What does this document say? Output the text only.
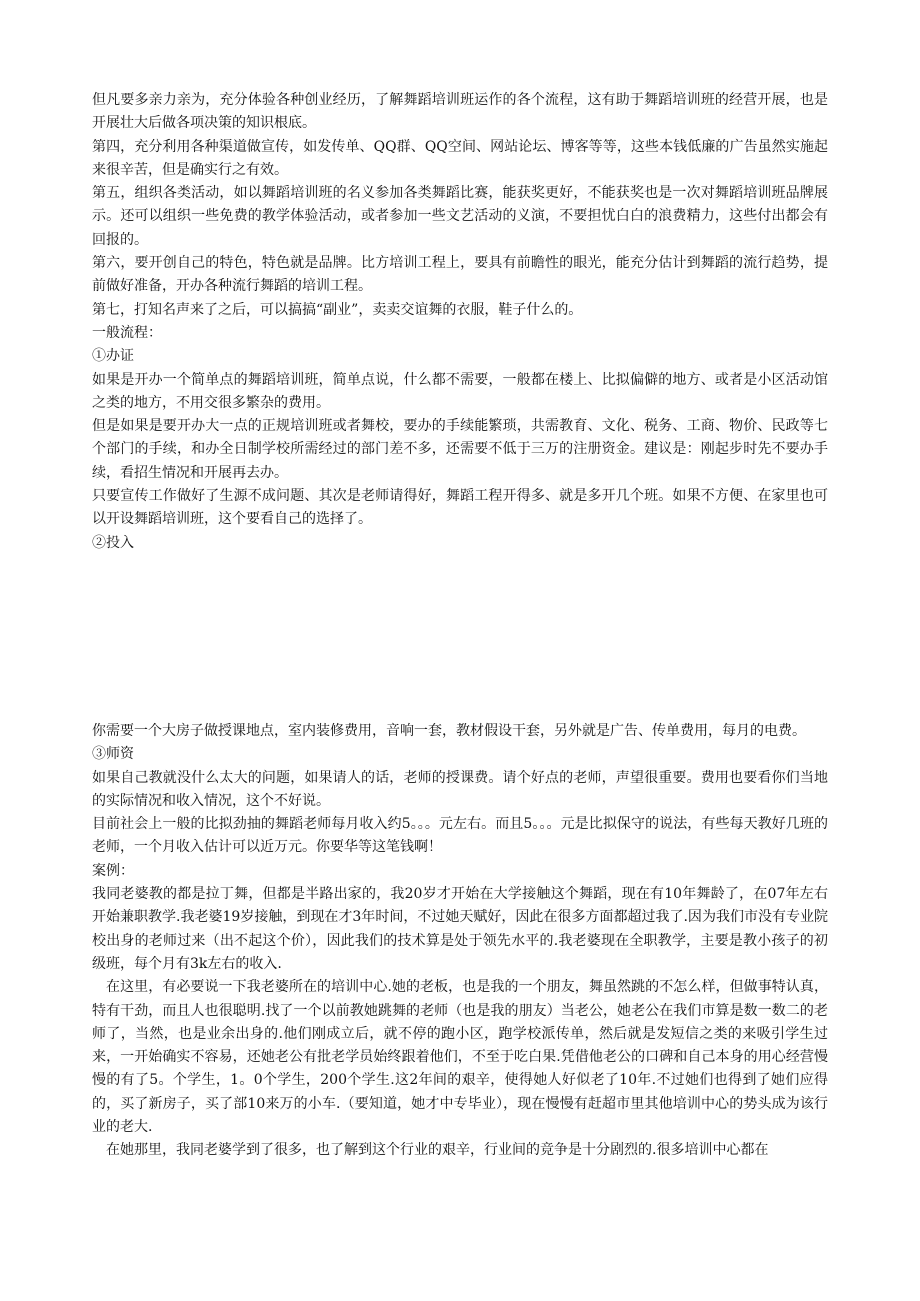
但凡要多亲力亲为，充分体验各种创业经历，了解舞蹈培训班运作的各个流程，这有助于舞蹈培训班的经营开展，也是开展壮大后做各项决策的知识根底。

第四，充分利用各种渠道做宣传，如发传单、QQ群、QQ空间、网站论坛、博客等等，这些本钱低廉的广告虽然实施起来很辛苦，但是确实行之有效。

第五，组织各类活动，如以舞蹈培训班的名义参加各类舞蹈比赛，能获奖更好，不能获奖也是一次对舞蹈培训班品牌展示。还可以组织一些免费的教学体验活动，或者参加一些文艺活动的义演，不要担忧白白的浪费精力，这些付出都会有回报的。

第六，要开创自己的特色，特色就是品牌。比方培训工程上，要具有前瞻性的眼光，能充分估计到舞蹈的流行趋势，提前做好准备，开办各种流行舞蹈的培训工程。

第七，打知名声来了之后，可以搞搞“副业”，卖卖交谊舞的衣服，鞋子什么的。

一般流程：

①办证

如果是开办一个简单点的舞蹈培训班，简单点说，什么都不需要，一般都在楼上、比拟偏僻的地方、或者是小区活动馆之类的地方，不用交很多繁杂的费用。

但是如果是要开办大一点的正规培训班或者舞校，要办的手续能繁琐，共需教育、文化、税务、工商、物价、民政等七个部门的手续，和办全日制学校所需经过的部门差不多，还需要不低于三万的注册资金。建议是：刚起步时先不要办手续，看招生情况和开展再去办。

只要宣传工作做好了生源不成问题、其次是老师请得好，舞蹈工程开得多、就是多开几个班。如果不方便、在家里也可以开设舞蹈培训班，这个要看自己的选择了。

②投入

你需要一个大房子做授课地点，室内装修费用，音响一套，教材假设干套，另外就是广告、传单费用，每月的电费。

③师资

如果自己教就没什么太大的问题，如果请人的话，老师的授课费。请个好点的老师，声望很重要。费用也要看你们当地的实际情况和收入情况，这个不好说。

目前社会上一般的比拟劲抽的舞蹈老师每月收入约5。。。元左右。而且5。。。元是比拟保守的说法，有些每天教好几班的老师，一个月收入估计可以近万元。你要华等这笔钱啊！

案例：

我同老婆教的都是拉丁舞，但都是半路出家的，我20岁才开始在大学接触这个舞蹈，现在有10年舞龄了，在07年左右开始兼职教学.我老婆19岁接触，到现在才3年时间，不过她天赋好，因此在很多方面都超过我了.因为我们市没有专业院校出身的老师过来（出不起这个价），因此我们的技术算是处于领先水平的.我老婆现在全职教学，主要是教小孩子的初级班，每个月有3k左右的收入.

在这里，有必要说一下我老婆所在的培训中心.她的老板，也是我的一个朋友，舞虽然跳的不怎么样，但做事特认真，特有干劲，而且人也很聪明.找了一个以前教她跳舞的老师（也是我的朋友）当老公，她老公在我们市算是数一数二的老师了，当然，也是业余出身的.他们刚成立后，就不停的跑小区，跑学校派传单，然后就是发短信之类的来吸引学生过来，一开始确实不容易，还她老公有批老学员始终跟着他们，不至于吃白果.凭借他老公的口碑和自己本身的用心经营慢慢的有了5。个学生，1。0个学生，200个学生.这2年间的艰辛，使得她人好似老了10年.不过她们也得到了她们应得的，买了新房子，买了部10来万的小车.（要知道，她才中专毕业），现在慢慢有赶超市里其他培训中心的势头成为该行业的老大.

在她那里，我同老婆学到了很多，也了解到这个行业的艰辛，行业间的竞争是十分剧烈的.很多培训中心都在
